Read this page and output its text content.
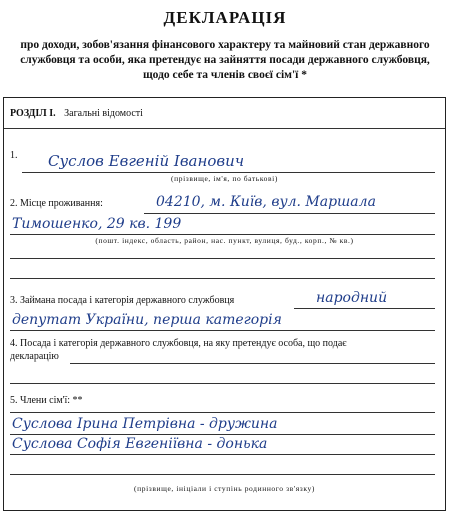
ДЕКЛАРАЦІЯ
про доходи, зобов'язання фінансового характеру та майновий стан державного службовця та особи, яка претендує на зайняття посади державного службовця, щодо себе та членів своєї сім'ї *
РОЗДІЛ I. Загальні відомості
1. Суслов Евгеній Іванович
(прізвище, ім'я, по батькові)
2. Місце проживання:	04210, м. Київ, вул. Маршала
Тимошенко, 29 кв. 199
(пошт. індекс, область, район, нас. пункт, вулиця, буд., корп., № кв.)
3. Займана посада і категорія державного службовця	народний
депутат України, перша категорія
4. Посада і категорія державного службовця, на яку претендує особа, що подає
декларацію
5. Члени сім'ї: **
Суслова Ірина Петрівна - дружина
Суслова Софія Евгеніївна - донька
(прізвище, ініціали і ступінь родинного зв'язку)
